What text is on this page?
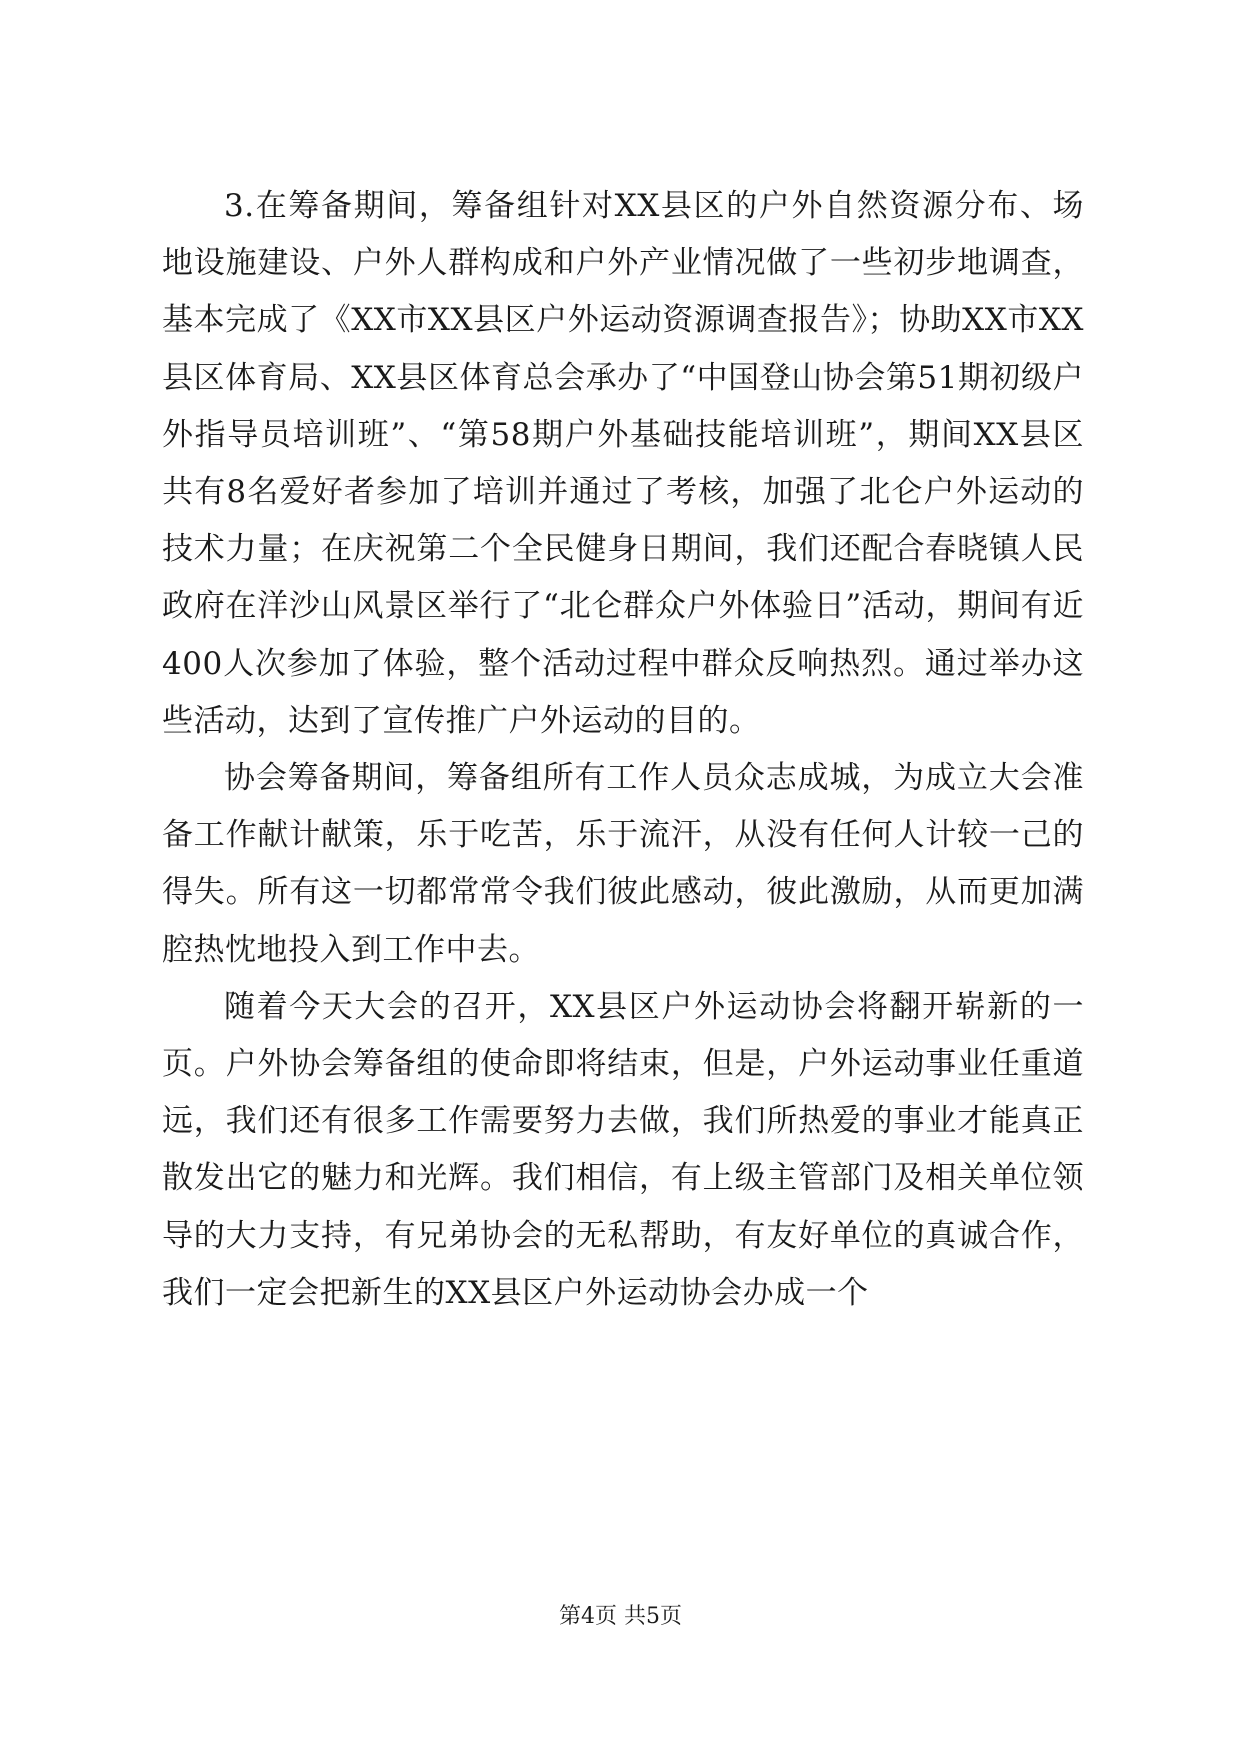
3.在筹备期间，筹备组针对XX县区的户外自然资源分布、场地设施建设、户外人群构成和户外产业情况做了一些初步地调查，基本完成了《XX市XX县区户外运动资源调查报告》；协助XX市XX县区体育局、XX县区体育总会承办了“中国登山协会第51期初级户外指导员培训班”、“第58期户外基础技能培训班”，期间XX县区共有8名爱好者参加了培训并通过了考核，加强了北仑户外运动的技术力量；在庆祝第二个全民健身日期间，我们还配合春晓镇人民政府在洋沙山风景区举行了“北仑群众户外体验日”活动，期间有近400人次参加了体验，整个活动过程中群众反响热烈。通过举办这些活动，达到了宣传推广户外运动的目的。

协会筹备期间，筹备组所有工作人员众志成城，为成立大会准备工作献计献策，乐于吃苦，乐于流汗，从没有任何人计较一己的得失。所有这一切都常常令我们彼此感动，彼此激励，从而更加满腔热忱地投入到工作中去。

随着今天大会的召开，XX县区户外运动协会将翻开崭新的一页。户外协会筹备组的使命即将结束，但是，户外运动事业任重道远，我们还有很多工作需要努力去做，我们所热爱的事业才能真正散发出它的魅力和光辉。我们相信，有上级主管部门及相关单位领导的大力支持，有兄弟协会的无私帮助，有友好单位的真诚合作，我们一定会把新生的XX县区户外运动协会办成一个

第4页 共5页
